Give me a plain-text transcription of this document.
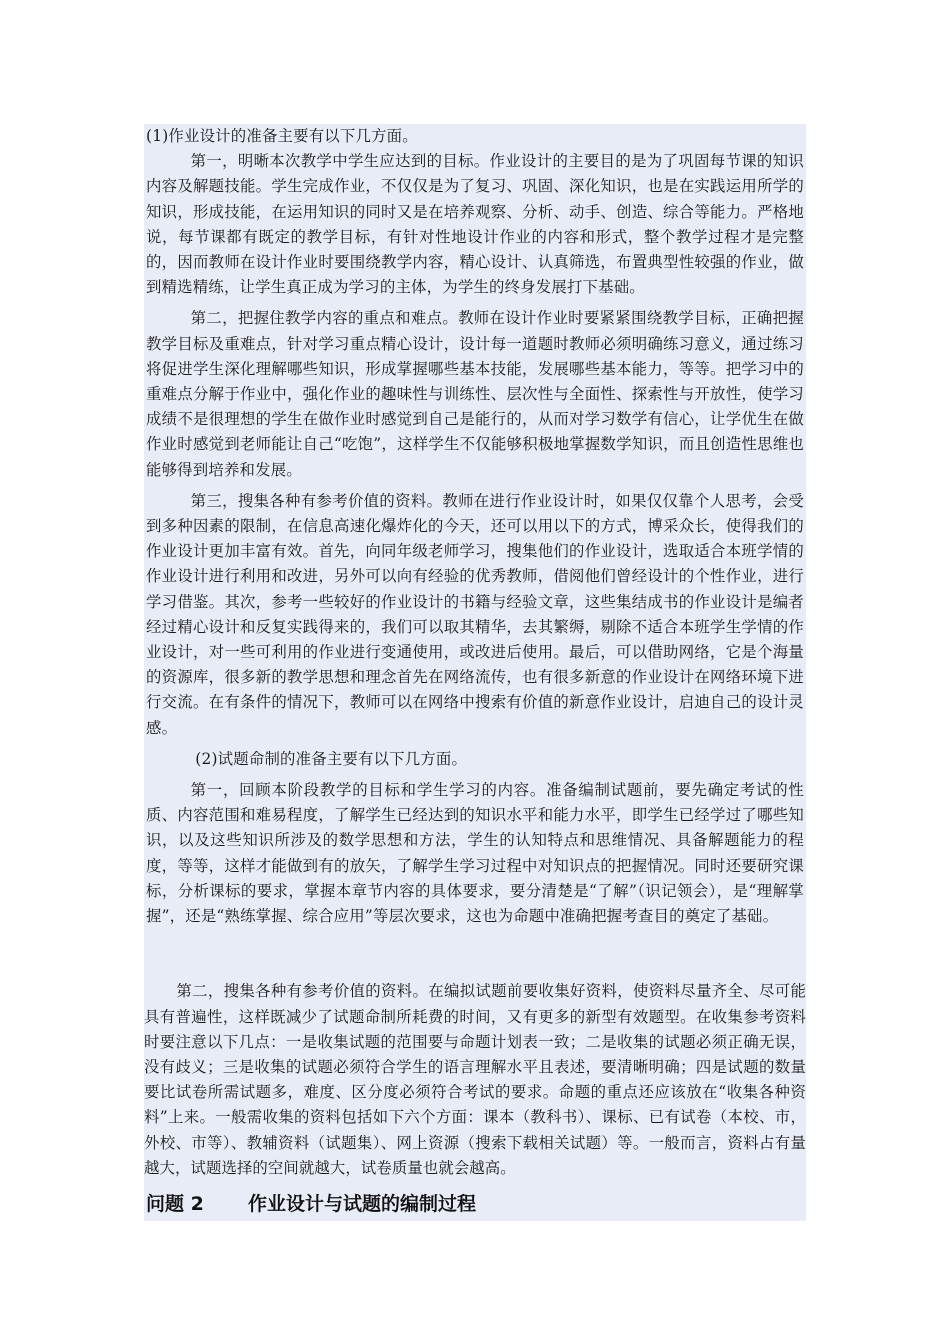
(1)作业设计的准备主要有以下几方面。

第一，明晰本次教学中学生应达到的目标。作业设计的主要目的是为了巩固每节课的知识内容及解题技能。学生完成作业，不仅仅是为了复习、巩固、深化知识，也是在实践运用所学的知识，形成技能，在运用知识的同时又是在培养观察、分析、动手、创造、综合等能力。严格地说，每节课都有既定的教学目标，有针对性地设计作业的内容和形式，整个教学过程才是完整的，因而教师在设计作业时要围绕教学内容，精心设计、认真筛选，布置典型性较强的作业，做到精选精练，让学生真正成为学习的主体，为学生的终身发展打下基础。

第二，把握住教学内容的重点和难点。教师在设计作业时要紧紧围绕教学目标，正确把握教学目标及重难点，针对学习重点精心设计，设计每一道题时教师必须明确练习意义，通过练习将促进学生深化理解哪些知识，形成掌握哪些基本技能，发展哪些基本能力，等等。把学习中的重难点分解于作业中，强化作业的趣味性与训练性、层次性与全面性、探索性与开放性，使学习成绩不是很理想的学生在做作业时感觉到自己是能行的，从而对学习数学有信心，让学优生在做作业时感觉到老师能让自己“吃饱”，这样学生不仅能够积极地掌握数学知识，而且创造性思维也能够得到培养和发展。

第三，搜集各种有参考价值的资料。教师在进行作业设计时，如果仅仅靠个人思考，会受到多种因素的限制，在信息高速化爆炸化的今天，还可以用以下的方式，博采众长，使得我们的作业设计更加丰富有效。首先，向同年级老师学习，搜集他们的作业设计，选取适合本班学情的作业设计进行利用和改进，另外可以向有经验的优秀教师，借阅他们曾经设计的个性作业，进行学习借鉴。其次，参考一些较好的作业设计的书籍与经验文章，这些集结成书的作业设计是编者经过精心设计和反复实践得来的，我们可以取其精华，去其繁缛，剔除不适合本班学生学情的作业设计，对一些可利用的作业进行变通使用，或改进后使用。最后，可以借助网络，它是个海量的资源库，很多新的教学思想和理念首先在网络流传，也有很多新意的作业设计在网络环境下进行交流。在有条件的情况下，教师可以在网络中搜索有价值的新意作业设计，启迪自己的设计灵感。

(2)试题命制的准备主要有以下几方面。

第一，回顾本阶段教学的目标和学生学习的内容。准备编制试题前，要先确定考试的性质、内容范围和难易程度，了解学生已经达到的知识水平和能力水平，即学生已经学过了哪些知识，以及这些知识所涉及的数学思想和方法，学生的认知特点和思维情况、具备解题能力的程度，等等，这样才能做到有的放矢，了解学生学习过程中对知识点的把握情况。同时还要研究课标，分析课标的要求，掌握本章节内容的具体要求，要分清楚是“了解”（识记领会），是“理解掌握”，还是“熟练掌握、综合应用”等层次要求，这也为命题中准确把握考查目的奠定了基础。

第二，搜集各种有参考价值的资料。在编拟试题前要收集好资料，使资料尽量齐全、尽可能具有普遍性，这样既减少了试题命制所耗费的时间，又有更多的新型有效题型。在收集参考资料时要注意以下几点：一是收集试题的范围要与命题计划表一致；二是收集的试题必须正确无误，没有歧义；三是收集的试题必须符合学生的语言理解水平且表述，要清晰明确；四是试题的数量要比试卷所需试题多，难度、区分度必须符合考试的要求。命题的重点还应该放在“收集各种资料”上来。一般需收集的资料包括如下六个方面：课本（教科书）、课标、已有试卷（本校、市，外校、市等）、教辅资料（试题集）、网上资源（搜索下载相关试题）等。一般而言，资料占有量越大，试题选择的空间就越大，试卷质量也就会越高。

问题 2	作业设计与试题的编制过程
